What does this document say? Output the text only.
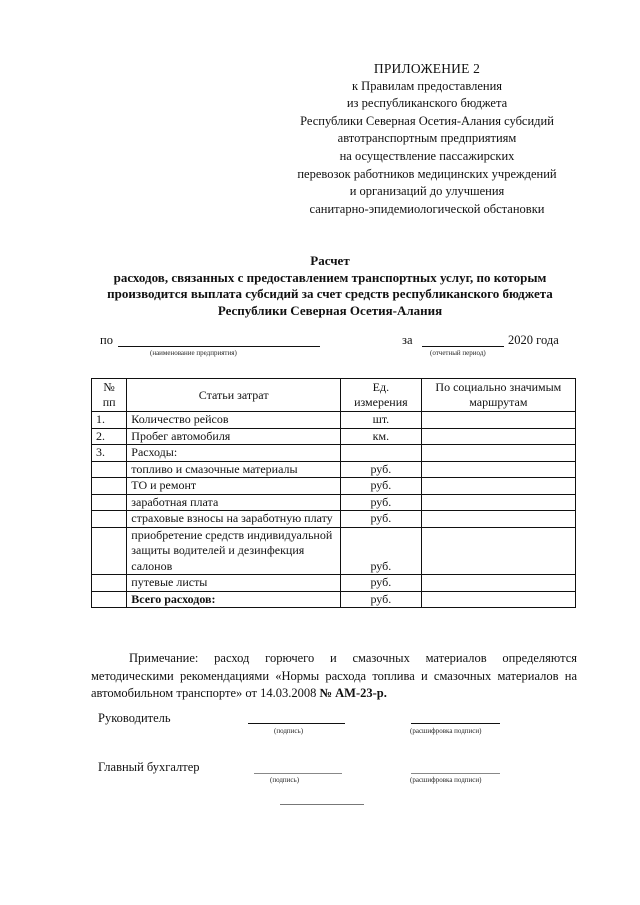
ПРИЛОЖЕНИЕ 2
к Правилам предоставления
из республиканского бюджета
Республики Северная Осетия-Алания субсидий
автотранспортным предприятиям
на осуществление пассажирских
перевозок работников медицинских учреждений
и организаций до улучшения
санитарно-эпидемиологической обстановки
Расчет
расходов, связанных с предоставлением транспортных услуг, по которым
производится выплата субсидий за счет средств республиканского бюджета
Республики Северная Осетия-Алания
по
(наименование предприятия)
за	2020 года
(отчетный период)
№ пп	Статьи затрат	Ед. измерения	По социально значимым маршрутам
1.	Количество рейсов	шт.	
2.	Пробег автомобиля	км.	
3.	Расходы:		
	топливо и смазочные материалы	руб.	
	ТО и ремонт	руб.	
	заработная плата	руб.	
	страховые взносы на заработную плату	руб.	
	приобретение средств индивидуальной защиты водителей и дезинфекция салонов	руб.	
	путевые листы	руб.	
	Всего расходов:	руб.	

Примечание: расход горючего и смазочных материалов определяются методическими рекомендациями «Нормы расхода топлива и смазочных материалов на автомобильном транспорте» от 14.03.2008 № АМ-23-р.

Руководитель
(подпись)	(расшифровка подписи)
Главный бухгалтер
(подпись)	(расшифровка подписи)
